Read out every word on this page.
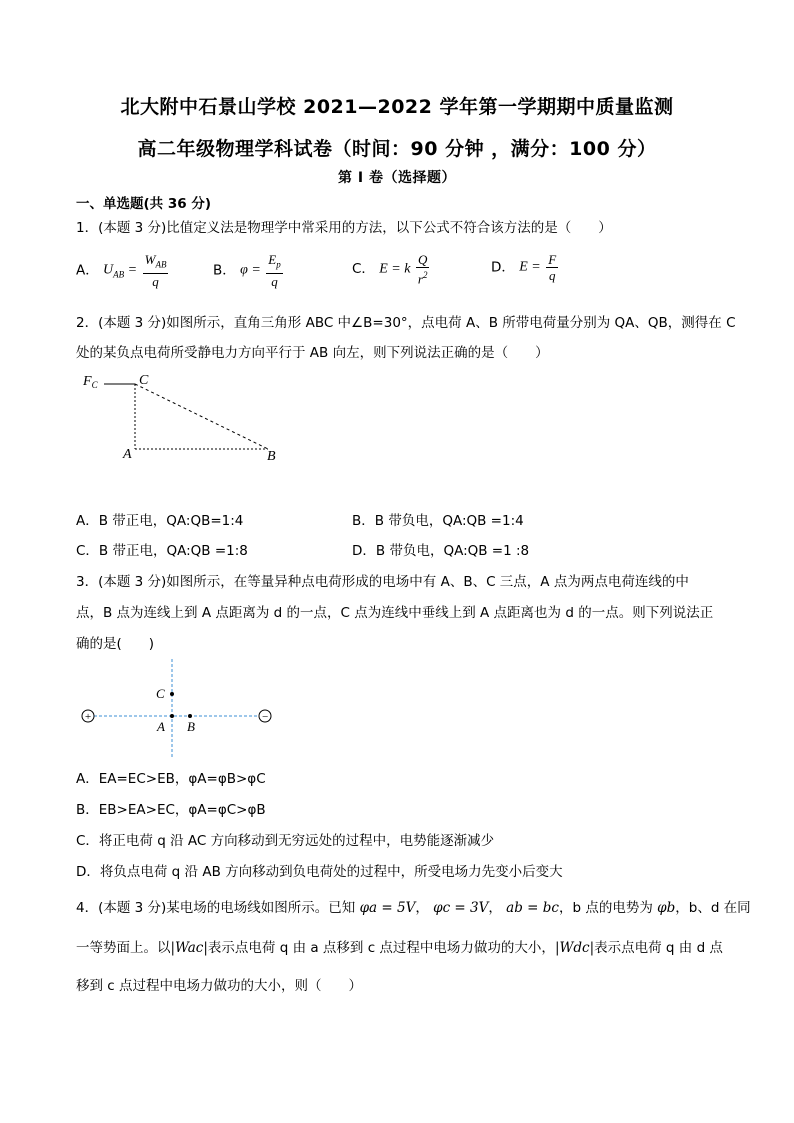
北大附中石景山学校 2021—2022 学年第一学期期中质量监测
高二年级物理学科试卷（时间：90 分钟 ，满分：100 分）
第 I 卷（选择题）
一、单选题(共 36 分)
1．(本题 3 分)比值定义法是物理学中常采用的方法，以下公式不符合该方法的是（　　）
A． $U_{AB} = \frac{W_{AB}}{q}$	B． $\varphi = \frac{E_p}{q}$	C． E = k $\frac{Q}{r^2}$	D． $E = \frac{F}{q}$
2．(本题 3 分)如图所示，直角三角形 ABC 中∠B=30°，点电荷 A、B 所带电荷量分别为 QA、QB，测得在 C
处的某负点电荷所受静电力方向平行于 AB 向左，则下列说法正确的是（　　）
$F_C$	C
A	B
A．B 带正电，QA:QB=1:4	B．B 带负电，QA:QB =1:4
C．B 带正电，QA:QB =1:8	D．B 带负电，QA:QB =1 :8
3．(本题 3 分)如图所示，在等量异种点电荷形成的电场中有 A、B、C 三点，A 点为两点电荷连线的中
点，B 点为连线上到 A 点距离为 d 的一点，C 点为连线中垂线上到 A 点距离也为 d 的一点。则下列说法正
确的是(　　)
+	−
C
A B
A．EA=EC>EB，φA=φB>φC
B．EB>EA>EC，φA=φC>φB
C．将正电荷 q 沿 AC 方向移动到无穷远处的过程中，电势能逐渐减少
D．将负点电荷 q 沿 AB 方向移动到负电荷处的过程中，所受电场力先变小后变大
4．(本题 3 分)某电场的电场线如图所示。已知 φa = 5V， φc = 3V， ab = bc，b 点的电势为 φb，b、d 在同
一等势面上。以|Wac|表示点电荷 q 由 a 点移到 c 点过程中电场力做功的大小，|Wdc|表示点电荷 q 由 d 点
移到 c 点过程中电场力做功的大小，则（　　）
